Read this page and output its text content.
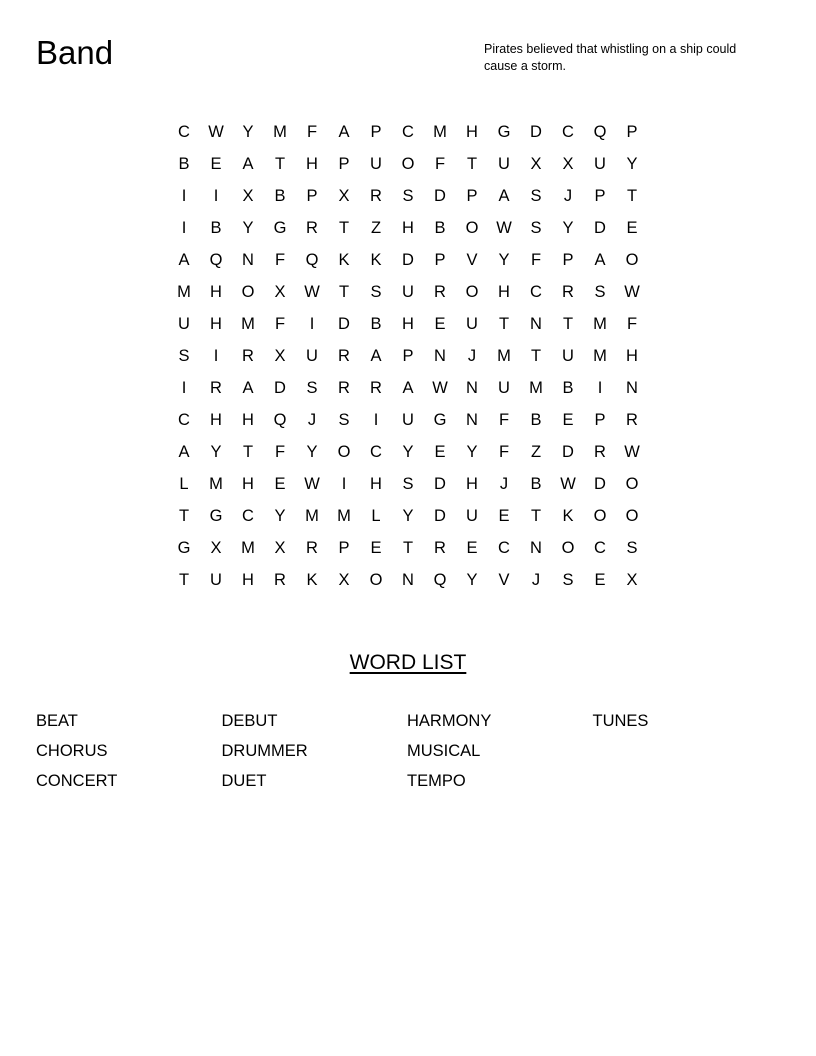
Band	Pirates believed that whistling on a ship could cause a storm.
C	W	Y	M	F	A	P	C	M	H	G	D	C	Q	P
B	E	A	T	H	P	U	O	F	T	U	X	X	U	Y
I	I	X	B	P	X	R	S	D	P	A	S	J	P	T
I	B	Y	G	R	T	Z	H	B	O	W	S	Y	D	E
A	Q	N	F	Q	K	K	D	P	V	Y	F	P	A	O
M	H	O	X	W	T	S	U	R	O	H	C	R	S	W
U	H	M	F	I	D	B	H	E	U	T	N	T	M	F
S	I	R	X	U	R	A	P	N	J	M	T	U	M	H
I	R	A	D	S	R	R	A	W	N	U	M	B	I	N
C	H	H	Q	J	S	I	U	G	N	F	B	E	P	R
A	Y	T	F	Y	O	C	Y	E	Y	F	Z	D	R	W
L	M	H	E	W	I	H	S	D	H	J	B	W	D	O
T	G	C	Y	M	M	L	Y	D	U	E	T	K	O	O
G	X	M	X	R	P	E	T	R	E	C	N	O	C	S
T	U	H	R	K	X	O	N	Q	Y	V	J	S	E	X
WORD LIST
BEAT
CHORUS
CONCERT
DEBUT
DRUMMER
DUET
HARMONY
MUSICAL
TEMPO
TUNES
